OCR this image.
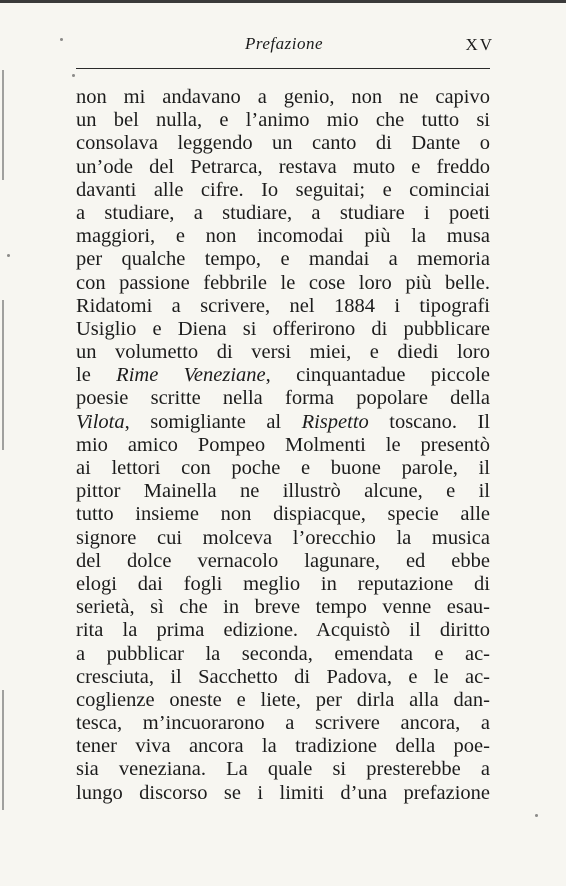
Prefazione	XV
non mi andavano a genio, non ne capivo
un bel nulla, e l’animo mio che tutto si
consolava leggendo un canto di Dante o
un’ode del Petrarca, restava muto e freddo
davanti alle cifre. Io seguitai; e cominciai
a studiare, a studiare, a studiare i poeti
maggiori, e non incomodai più la musa
per qualche tempo, e mandai a memoria
con passione febbrile le cose loro più belle.
Ridatomi a scrivere, nel 1884 i tipografi
Usiglio e Diena si offerirono di pubblicare
un volumetto di versi miei, e diedi loro
le Rime Veneziane, cinquantadue piccole
poesie scritte nella forma popolare della
Vilota, somigliante al Rispetto toscano. Il
mio amico Pompeo Molmenti le presentò
ai lettori con poche e buone parole, il
pittor Mainella ne illustrò alcune, e il
tutto insieme non dispiacque, specie alle
signore cui molceva l’orecchio la musica
del dolce vernacolo lagunare, ed ebbe
elogi dai fogli meglio in reputazione di
serietà, sì che in breve tempo venne esau-
rita la prima edizione. Acquistò il diritto
a pubblicar la seconda, emendata e ac-
cresciuta, il Sacchetto di Padova, e le ac-
coglienze oneste e liete, per dirla alla dan-
tesca, m’incuorarono a scrivere ancora, a
tener viva ancora la tradizione della poe-
sia veneziana. La quale si presterebbe a
lungo discorso se i limiti d’una prefazione
